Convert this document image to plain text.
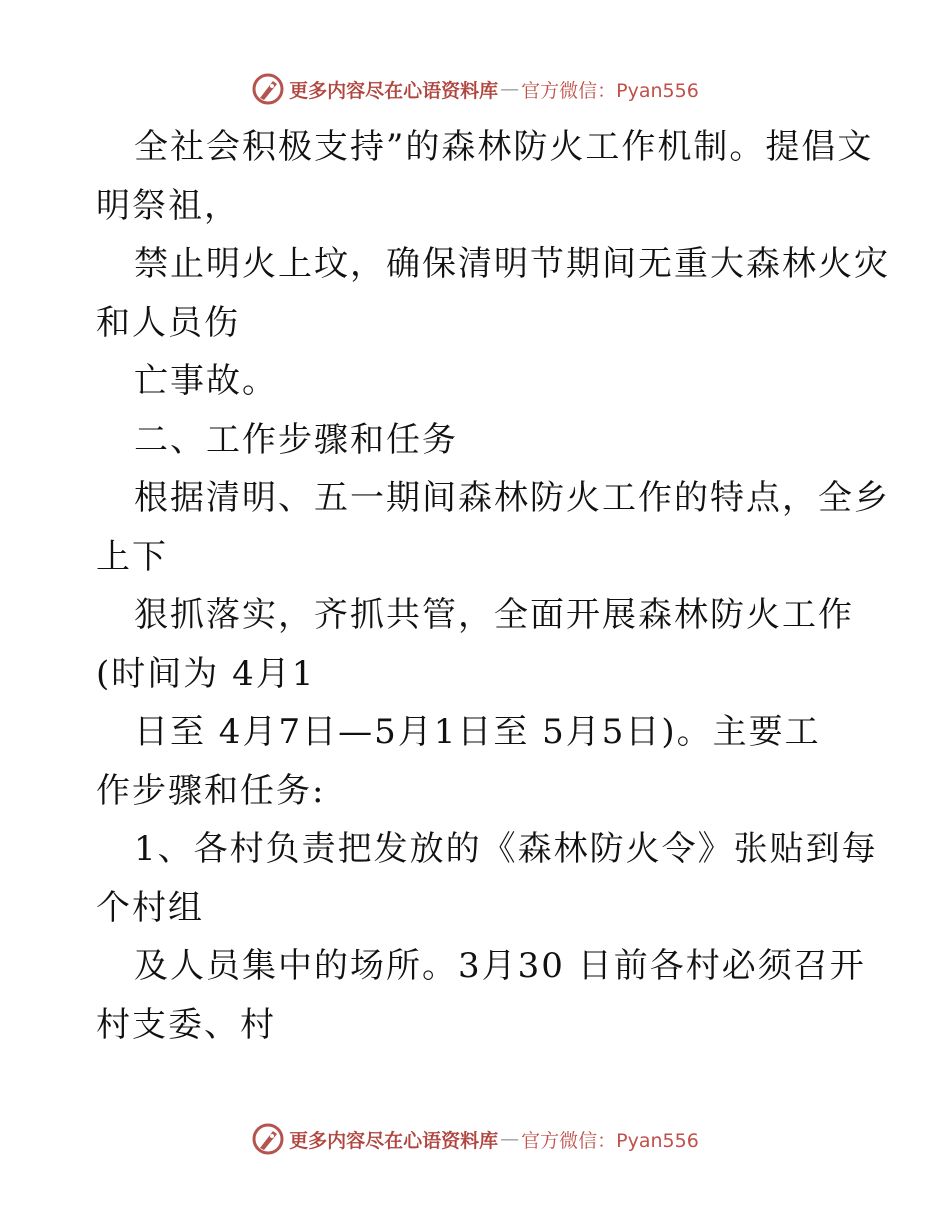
更多内容尽在心语资料库 — 官方微信：Pyan556
全社会积极支持”的森林防火工作机制。提倡文
明祭祖，
禁止明火上坟，确保清明节期间无重大森林火灾
和人员伤
亡事故。
二、工作步骤和任务
根据清明、五一期间森林防火工作的特点，全乡
上下
狠抓落实，齐抓共管，全面开展森林防火工作
(时间为 4月1
日至 4月7日—5月1日至 5月5日)。主要工
作步骤和任务:
1、各村负责把发放的《森林防火令》张贴到每
个村组
及人员集中的场所。3月30 日前各村必须召开
村支委、村
更多内容尽在心语资料库 — 官方微信：Pyan556
